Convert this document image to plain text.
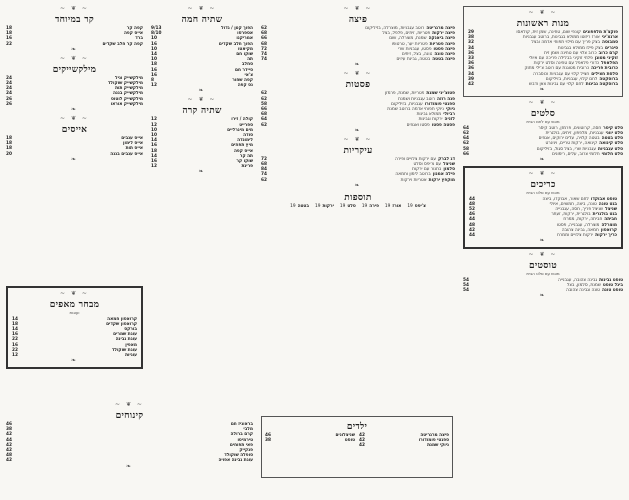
~ ❦ ~
מנות ראשונות
פוקצ'ת מלפפונים
קונפי שום, טחינה, שמן זית, קולאסו
29
ארנצ'יני
אורז ריזוטו ממולא בגבינות, ברוטב עגבניות
38
סמבוסה
בצק פריך עם מילוי תפוחי אדמה ובצל
32
סיגרים
בצק פילו ממולא בגבינות
34
קרם כרוב
כרוב צלוי עם טחינה ושמן זית
36
זוקיני מטוגן
פלחי זוקיני בבלילה פריכה עם איולי
33
הפלאפל
כדורי פלאפל עם טחינה וסלט ירקות
36
כרובית פריכה
כרובית מטוגנת עם רוטב צ'ילי מתוק
36
סלסת חצילים
חציל קלוי עם עגבניות וכוסברה
34
ברוסקטה
לחם קלוי, עגבניות, בזיליקום
39
ברוסקטה גבינות
לחם קלוי עם גבינות צאן ודבש
42
❧
~ ❦ ~
סלטים
מוגש עם לחם הבית
סלט קיסר
חסה, קרוטונים, פרמזן, רוטב קיסר
64
סלט יווני
עגבניות, מלפפון, זיתים, בולגרית
62
סלט בטטה
בטטה קלויה, עלים ירוקים, אגוזים
64
סלט קינואה
קינואה, ירקות טריים, ויניגרט
62
סלט עגבניות
עגבניות שרי, בצל סגול, בזיליקום
58
סלט חלומי
חלומי צרוב, עלים, רימונים
66
❧
~ ❦ ~
כריכים
מוגש עם סלט הבית
טוסט אבוקדו
לחם שאור, אבוקדו, ביצה
44
בגט טונה
טונה, ביצה, חמוצים, איולי
48
שניצל
שניצל פריך, חסה, עגבנייה
52
בגט בולגרית
בולגרית, ירקות, זעתר
46
חביתה
חביתה, ירקות, ממרח
44
מוצרלה
מוצרלה, עגבנייה, פסטו
48
קרואסון
חמאה, גבינה צהובה
42
כריך ירקות
ירקות צלויים וממרח
44
❧
~ ❦ ~
טוסטים
מוגש עם סלט הבית
טוסט גבינות
גבינה צהובה, עגבנייה
54
ביגל טוסט
שמנת, סלמון, בצל
54
טוסט טונה
טונה וגבינה צהובה
54
❧
~ ❦ ~
פיצה
פיצה מרגריטה
רוטב עגבניות, מוצרלה, בזיליקום
62
פיצה ירקות
פטריות, זיתים, פלפל, בצל
68
פיצה ביאנקה
שמנת, מוצרלה, שום
66
פיצה פטריות
פטריות יער, טרטופו
68
פיצה פסטו
פסטו, עגבניות שרי
72
פיצה טונה
טונה, בצל, זיתים
74
פיצה בטטה
בטטה, גבינת עיזים
74
❧
~ ❦ ~
פסטות
פטוצ'יני שמנת
פטריות, שמנת, פרמזן
62
פנה רוזה
רוטב עגבניות ושמנת
62
ספגטי פומודורו
עגבניות, בזיליקום
58
ניוקי
ניוקי תפוחי אדמה ברוטב שמנת
66
רביולי
ממולא גבינות
68
לזניה
ירקות וגבינות
64
פסטה פסטו
פסטו ואגוזים
62
❧
~ ❦ ~
עיקריות
דג לברק
עם ירקות צלויים ופירה
72
שניצל
עם צ'יפס וסלט
68
סלמון
בתנור עם ירקות
84
פילה אמנון
ברוטב לימון וחמאה
74
מוקפץ ירקות
אטריות וירקות
62
❧
תוספות
צ'יפס19
אורז19
פירה19
סלט19
ירקות19
בטטה19
ילדים
פיצה מרגריטה
42
ספגטי פומודורו
42
ניוקי שמנת
42
שניצלונים
46
טוסט
38
~ ❦ ~
שתיה חמה
הפוך קטן / גדול
9/13
אספרסו
8/10
אמריקנו
10
הפוך חלב שקדים
16
מקיאטו
10
שוקו חם
14
תה
10
סחלב
18
סיידר חם
16
צ'אי
16
קפה שחור
8
נס קפה
12
❧
~ ❦ ~
שתיה קרה
קולה / זירו
12
ספרייט
12
מים מינרליים
10
סודה
10
לימונדה
14
מיץ תפוזים
16
אייס קפה
18
תה קר
14
שוקו קר
16
פריגת
12
❧
~ ❦ ~
קר במיוחד
קפה קר
18
אייס קפה
18
ברד
16
קפה קר חלב שקדים
22
❧
~ ❦ ~
מילקשייקים
מילקשייק וניל
24
מילקשייק שוקולד
24
מילקשייק תות
24
מילקשייק בננה
24
מילקשייק לוטוס
26
מילקשייק אוראו
26
❧
~ ❦ ~
אייסים
אייס ענבים
18
אייס לימון
18
אייס תות
18
אייס ענבים בננה
20
❧
~ ❦ ~
מבחר מאפים
ועוגות
קרואסון חמאה
14
קרואסון שקדים
18
בורקס
14
עוגת שמרים
16
עוגת גבינה
22
מאפין
16
עוגת שוקולד
22
עוגיות
12
❧
~ ❦ ~
קינוחים
בראוניז חם
46
מלבי
38
קרם ברולה
42
טירמיסו
44
פאי תפוחים
42
פנקייק
42
סופלה שוקולד
48
עוגת גבינה אפויה
42
❧
